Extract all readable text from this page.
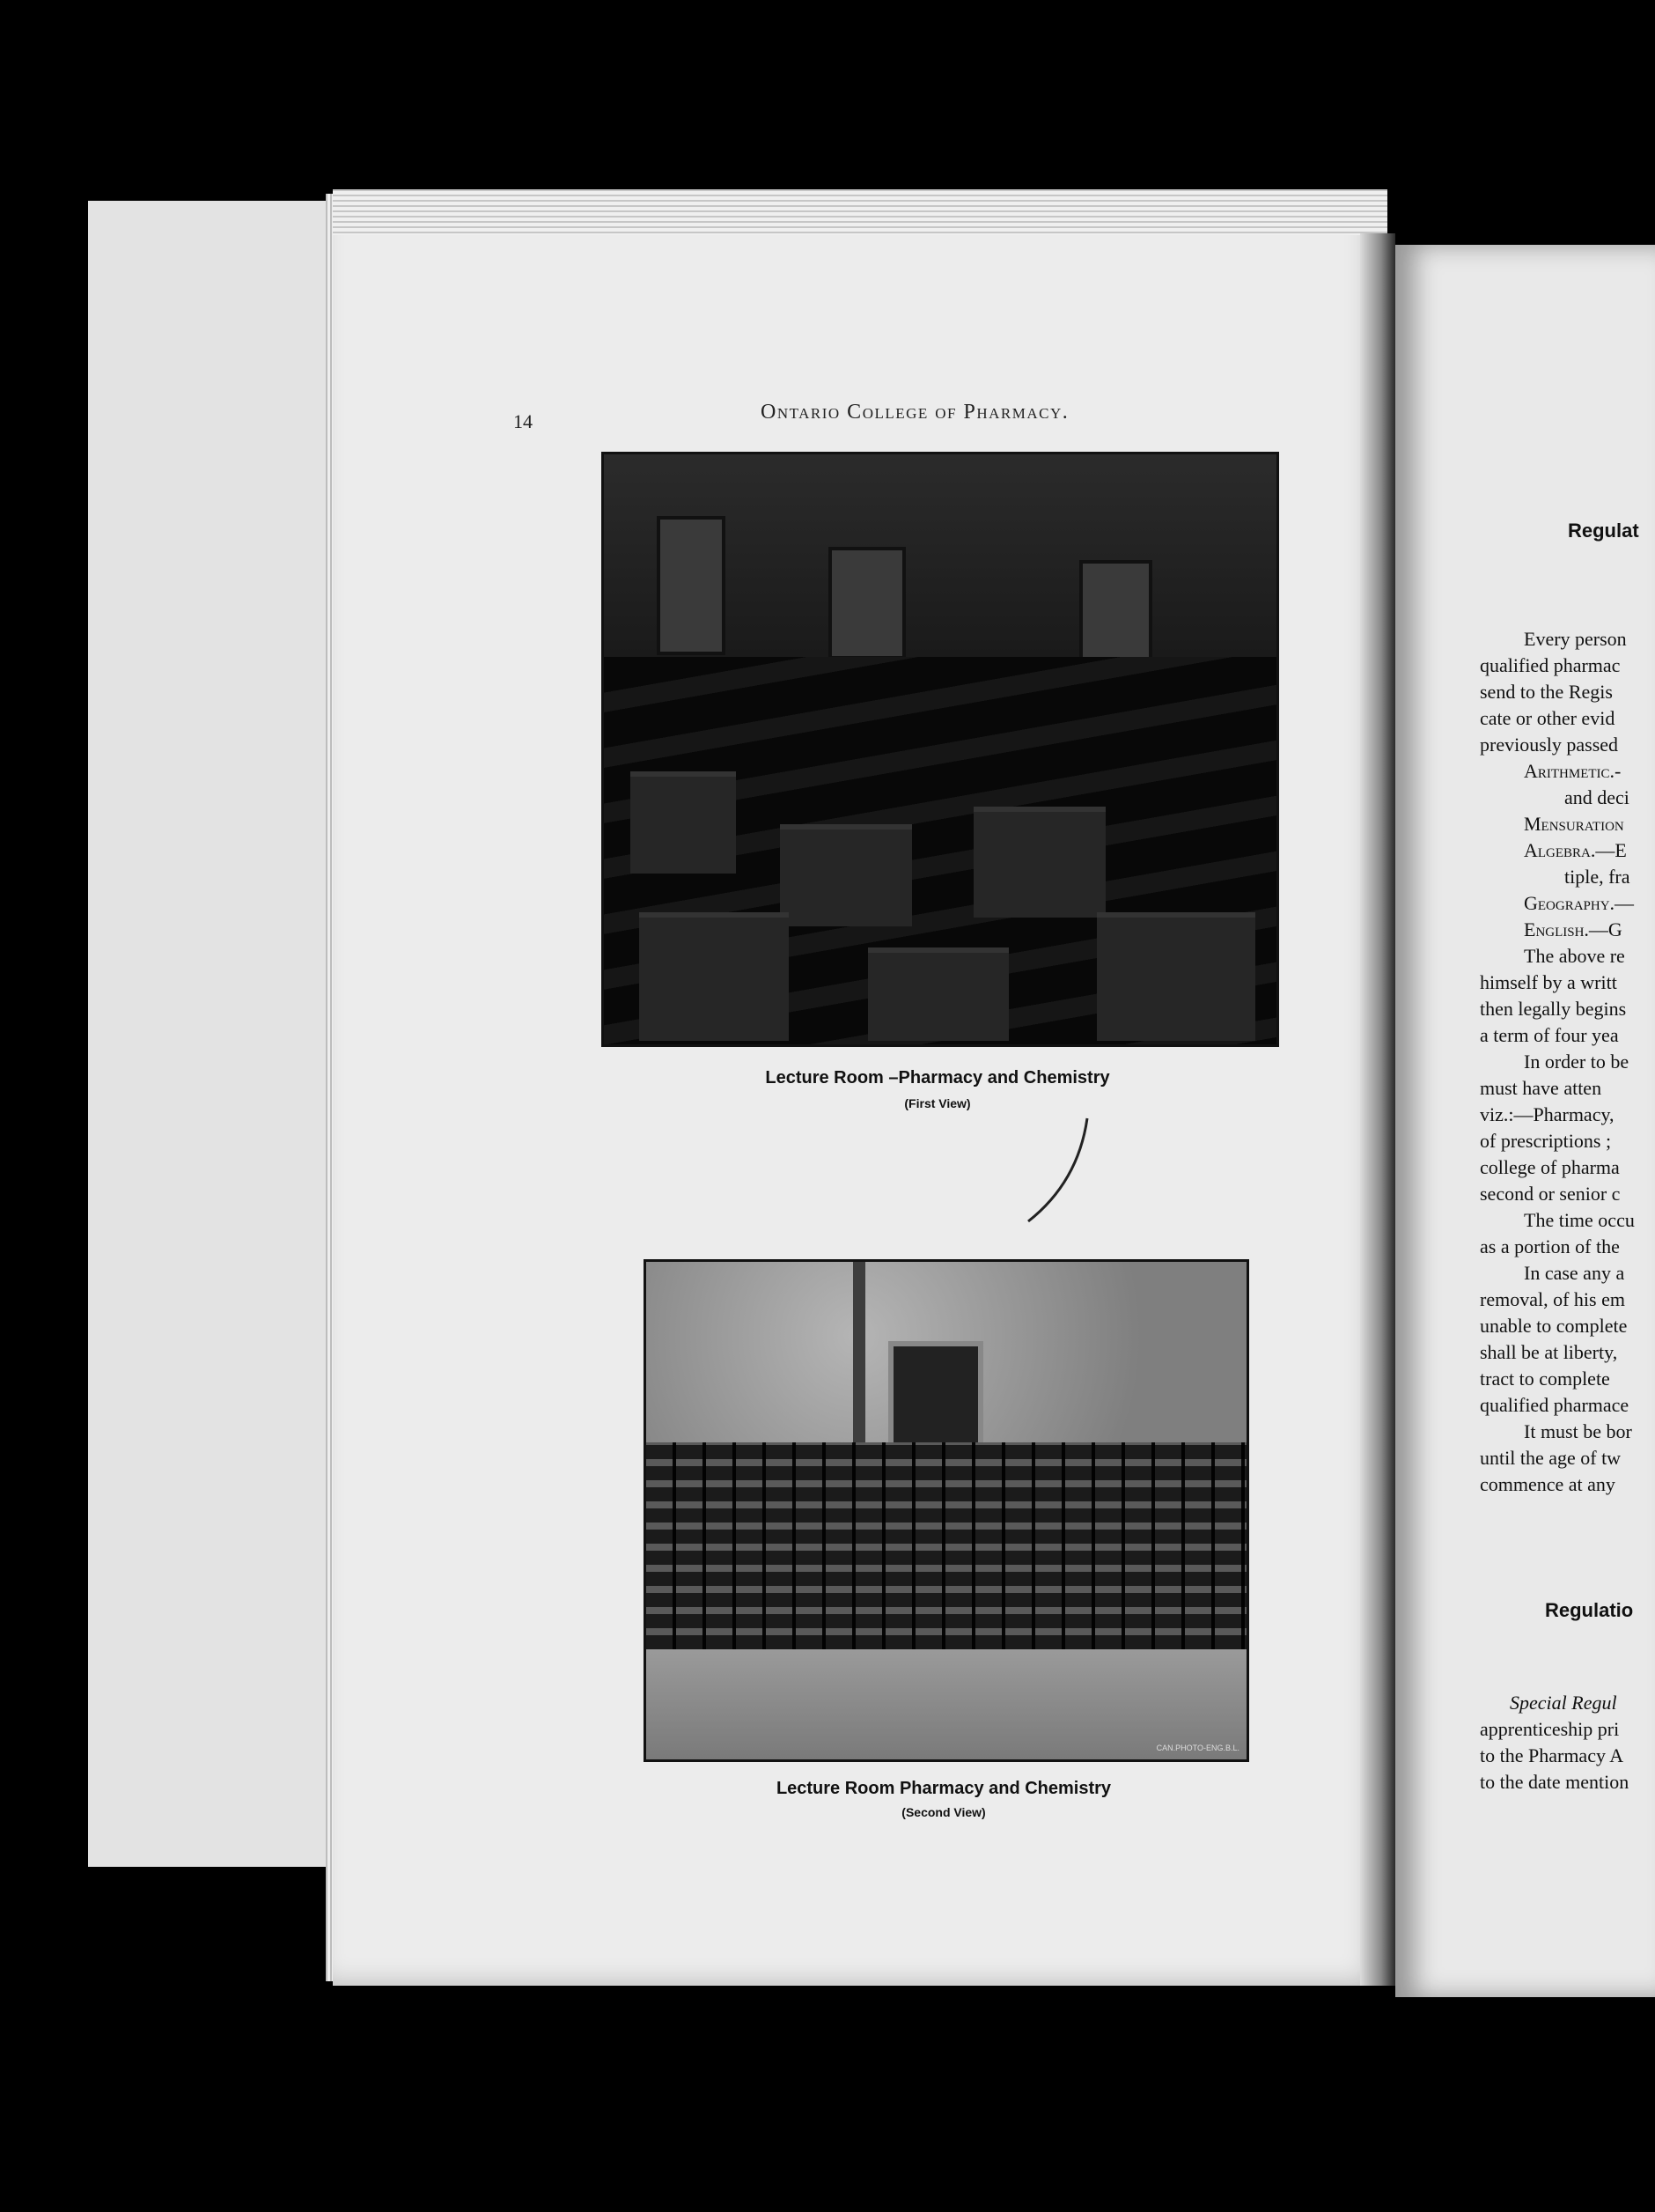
14	Ontario College of Pharmacy.
Lecture Room –Pharmacy and Chemistry
(First View)
CAN.PHOTO-ENG.B.L.
Lecture Room Pharmacy and Chemistry
(Second View)
Regulat
Every person
qualified pharmac
send to the Regis
cate or other evid
previously passed
Arithmetic.-
and deci
Mensuration
Algebra.—E
tiple, fra
Geography.—
English.—G
The above re
himself by a writt
then legally begins
a term of four yea
In order to be
must have atten
viz.:—Pharmacy,
of prescriptions ;
college of pharma
second or senior c
The time occu
as a portion of the
In case any a
removal, of his em
unable to complete
shall be at liberty,
tract to complete
qualified pharmace
It must be bor
until the age of tw
commence at any
Regulatio
Special Regul
apprenticeship pri
to the Pharmacy A
to the date mention
